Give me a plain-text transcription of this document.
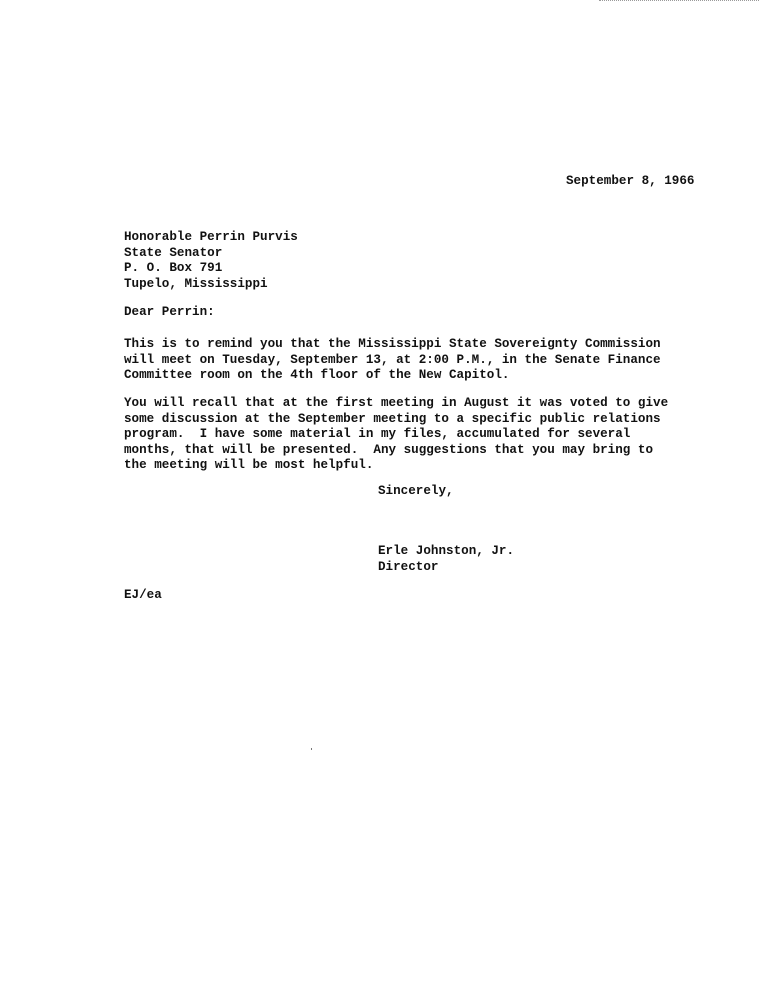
September 8, 1966
Honorable Perrin Purvis
State Senator
P. O. Box 791
Tupelo, Mississippi
Dear Perrin:
This is to remind you that the Mississippi State Sovereignty Commission
will meet on Tuesday, September 13, at 2:00 P.M., in the Senate Finance
Committee room on the 4th floor of the New Capitol.
You will recall that at the first meeting in August it was voted to give
some discussion at the September meeting to a specific public relations
program.  I have some material in my files, accumulated for several
months, that will be presented.  Any suggestions that you may bring to
the meeting will be most helpful.
Sincerely,
Erle Johnston, Jr.
Director
EJ/ea
